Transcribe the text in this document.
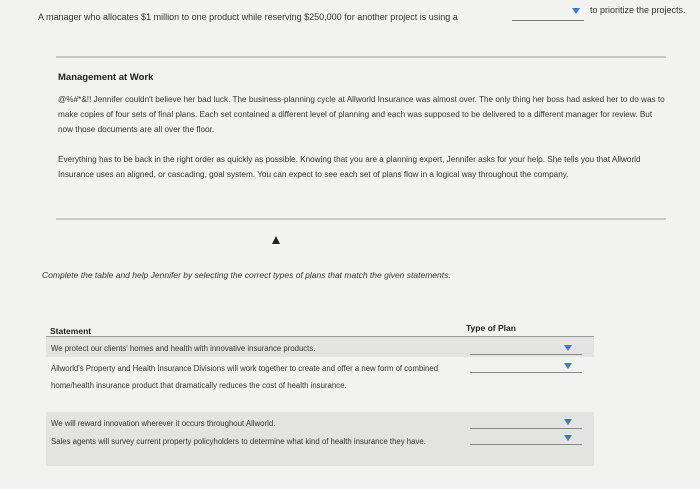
A manager who allocates $1 million to one product while reserving $250,000 for another project is using a
to prioritize the projects.
Management at Work
@%#*&!! Jennifer couldn't believe her bad luck. The business-planning cycle at Allworld Insurance was almost over. The only thing her boss had asked her to do was to make copies of four sets of final plans. Each set contained a different level of planning and each was supposed to be delivered to a different manager for review. But now those documents are all over the floor.
Everything has to be back in the right order as quickly as possible. Knowing that you are a planning expert, Jennifer asks for your help. She tells you that Allworld Insurance uses an aligned, or cascading, goal system. You can expect to see each set of plans flow in a logical way throughout the company.
Complete the table and help Jennifer by selecting the correct types of plans that match the given statements.
Statement	Type of Plan
We protect our clients' homes and health with innovative insurance products.
Allworld's Property and Health Insurance Divisions will work together to create and offer a new form of combined home/health insurance product that dramatically reduces the cost of health insurance.
We will reward innovation wherever it occurs throughout Allworld.
Sales agents will survey current property policyholders to determine what kind of health insurance they have.
